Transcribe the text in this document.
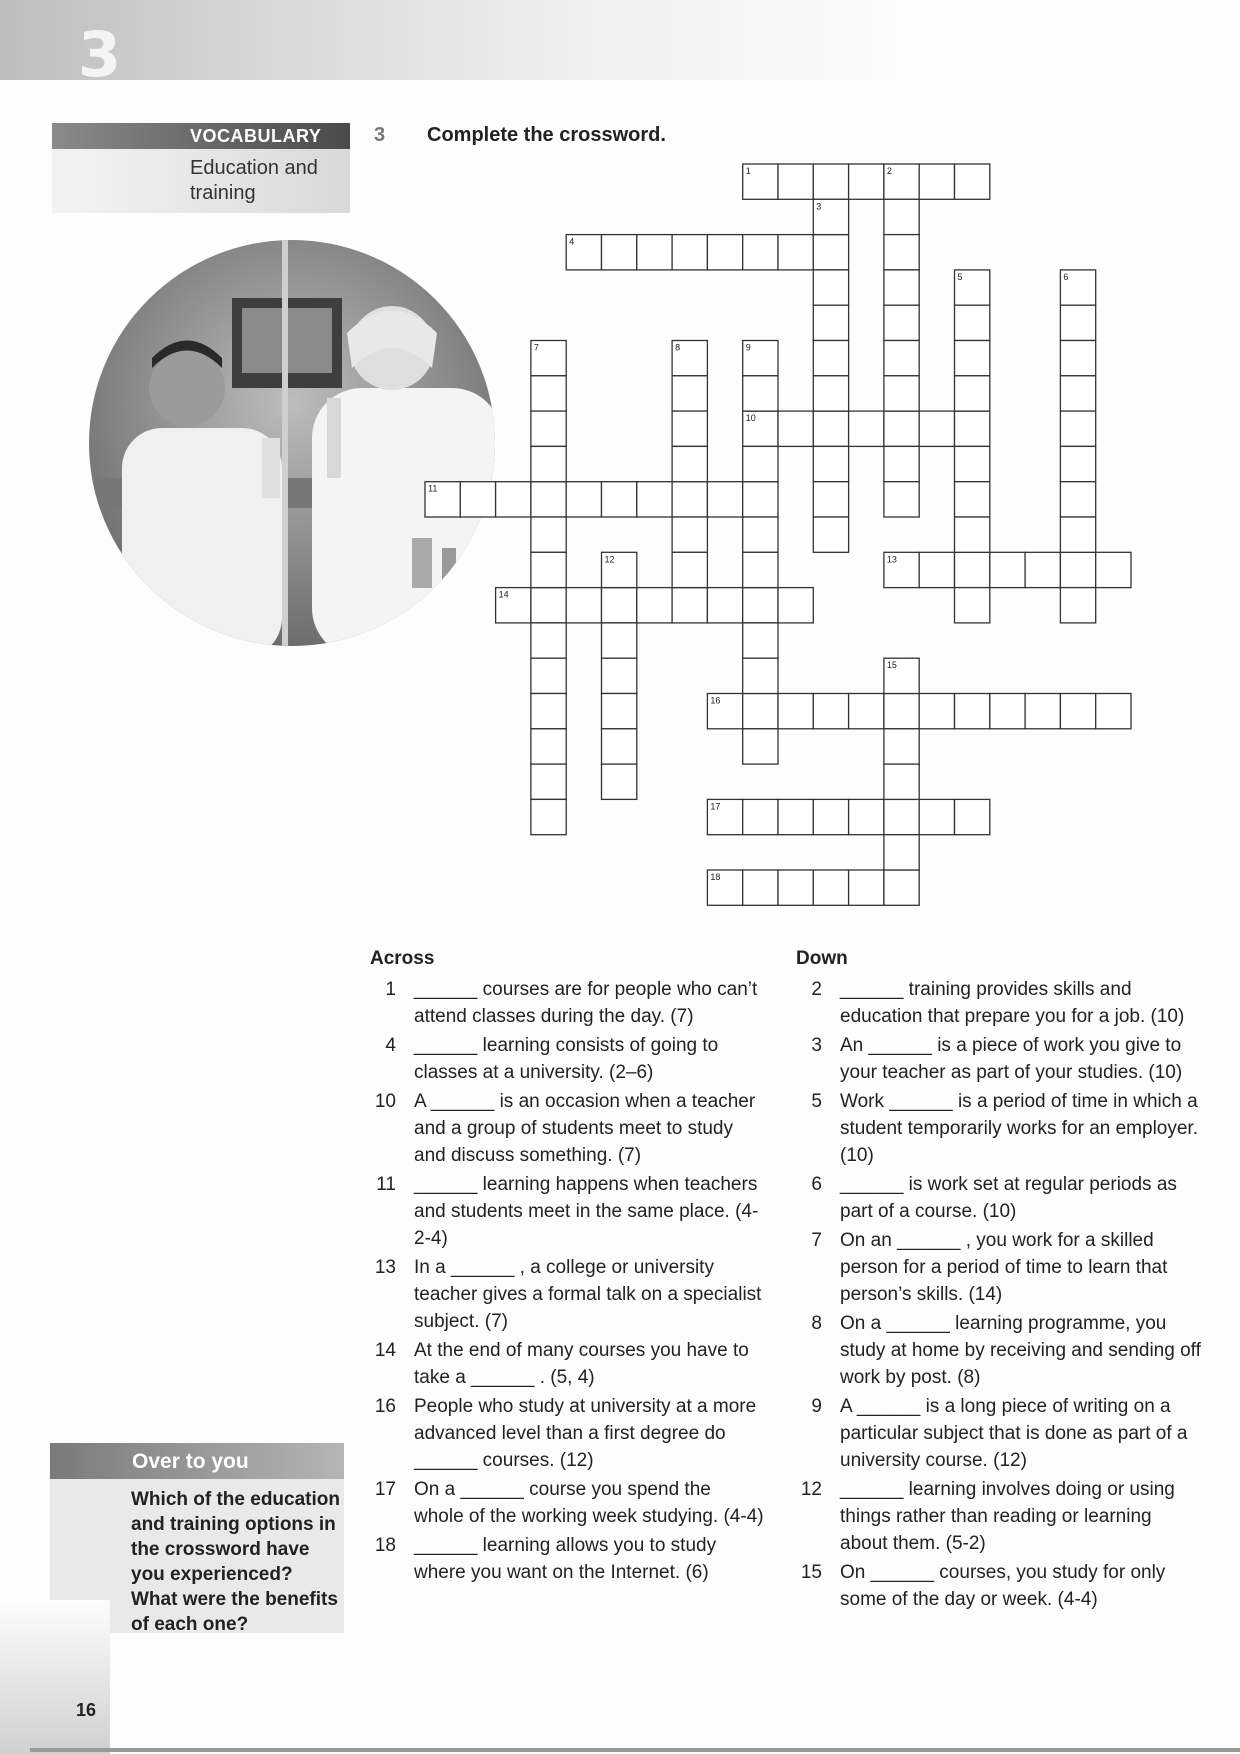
3
VOCABULARY
Education and
training
3 Complete the crossword.
1
4
10
11
13
14
16
17
18
2
3
5	6
7	8	9
12
15
Across
1 ______ courses are for people who can’t attend classes during the day. (7)
4 ______ learning consists of going to classes at a university. (2–6)
10 A ______ is an occasion when a teacher and a group of students meet to study and discuss something. (7)
11 ______ learning happens when teachers and students meet in the same place. (4-2-4)
13 In a ______ , a college or university teacher gives a formal talk on a specialist subject. (7)
14 At the end of many courses you have to take a ______ . (5, 4)
16 People who study at university at a more advanced level than a first degree do ______ courses. (12)
17 On a ______ course you spend the whole of the working week studying. (4-4)
18 ______ learning allows you to study where you want on the Internet. (6)
Down
2 ______ training provides skills and education that prepare you for a job. (10)
3 An ______ is a piece of work you give to your teacher as part of your studies. (10)
5 Work ______ is a period of time in which a student temporarily works for an employer. (10)
6 ______ is work set at regular periods as part of a course. (10)
7 On an ______ , you work for a skilled person for a period of time to learn that person’s skills. (14)
8 On a ______ learning programme, you study at home by receiving and sending off work by post. (8)
9 A ______ is a long piece of writing on a particular subject that is done as part of a university course. (12)
12 ______ learning involves doing or using things rather than reading or learning about them. (5-2)
15 On ______ courses, you study for only some of the day or week. (4-4)
Over to you
Which of the education and training options in the crossword have you experienced? What were the benefits of each one?
16
